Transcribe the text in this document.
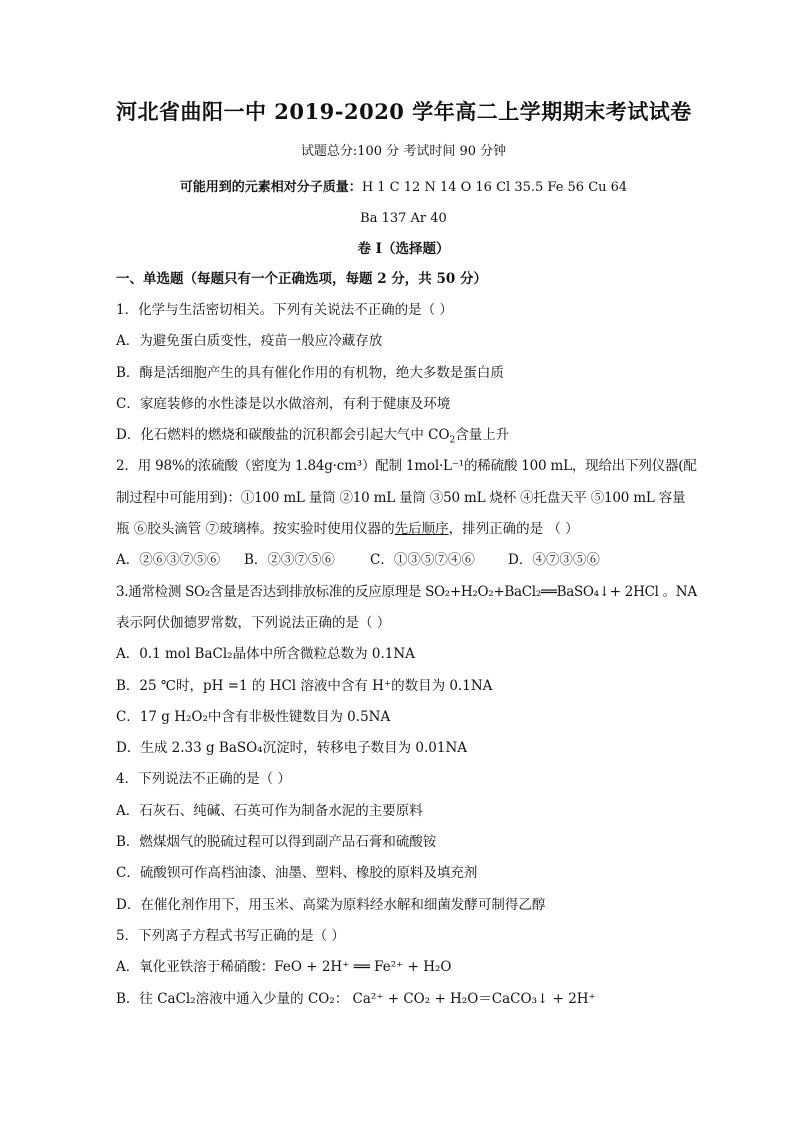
河北省曲阳一中 2019-2020 学年高二上学期期末考试试卷
试题总分:100 分 考试时间 90 分钟
可能用到的元素相对分子质量：H 1 C 12 N 14 O 16 Cl 35.5 Fe 56 Cu 64
Ba 137 Ar 40
卷 I（选择题）
一、单选题（每题只有一个正确选项，每题 2 分，共 50 分）
1．化学与生活密切相关。下列有关说法不正确的是（ ）
A．为避免蛋白质变性，疫苗一般应冷藏存放
B．酶是活细胞产生的具有催化作用的有机物，绝大多数是蛋白质
C．家庭装修的水性漆是以水做溶剂，有利于健康及环境
D．化石燃料的燃烧和碳酸盐的沉积都会引起大气中 $CO_2$含量上升
2．用 98%的浓硫酸（密度为 1.84g·cm³）配制 1mol·L⁻¹的稀硫酸 100 mL，现给出下列仪器(配
制过程中可能用到)：①100 mL 量筒 ②10 mL 量筒 ③50 mL 烧杯 ④托盘天平 ⑤100 mL 容量
瓶 ⑥胶头滴管 ⑦玻璃棒。按实验时使用仪器的先后顺序，排列正确的是 （ ）
A．②⑥③⑦⑤⑥ B．②③⑦⑤⑥	C．①③⑤⑦④⑥ D．④⑦③⑤⑥
3.通常检测 SO₂含量是否达到排放标准的反应原理是 SO₂+H₂O₂+BaCl₂══BaSO₄↓+ 2HCl 。NA
表示阿伏伽德罗常数，下列说法正确的是（ ）
A．0.1 mol BaCl₂晶体中所含微粒总数为 0.1NA
B．25 ℃时，pH =1 的 HCl 溶液中含有 H⁺的数目为 0.1NA
C．17 g H₂O₂中含有非极性键数目为 0.5NA
D．生成 2.33 g BaSO₄沉淀时，转移电子数目为 0.01NA
4．下列说法不正确的是（ ）
A．石灰石、纯碱、石英可作为制备水泥的主要原料
B．燃煤烟气的脱硫过程可以得到副产品石膏和硫酸铵
C．硫酸钡可作高档油漆、油墨、塑料、橡胶的原料及填充剂
D．在催化剂作用下，用玉米、高粱为原料经水解和细菌发酵可制得乙醇
5．下列离子方程式书写正确的是（ ）
A．氧化亚铁溶于稀硝酸：FeO + 2H⁺ ══ Fe²⁺ + H₂O
B．往 CaCl₂溶液中通入少量的 CO₂： Ca²⁺ + CO₂ + H₂O＝CaCO₃↓ + 2H⁺
